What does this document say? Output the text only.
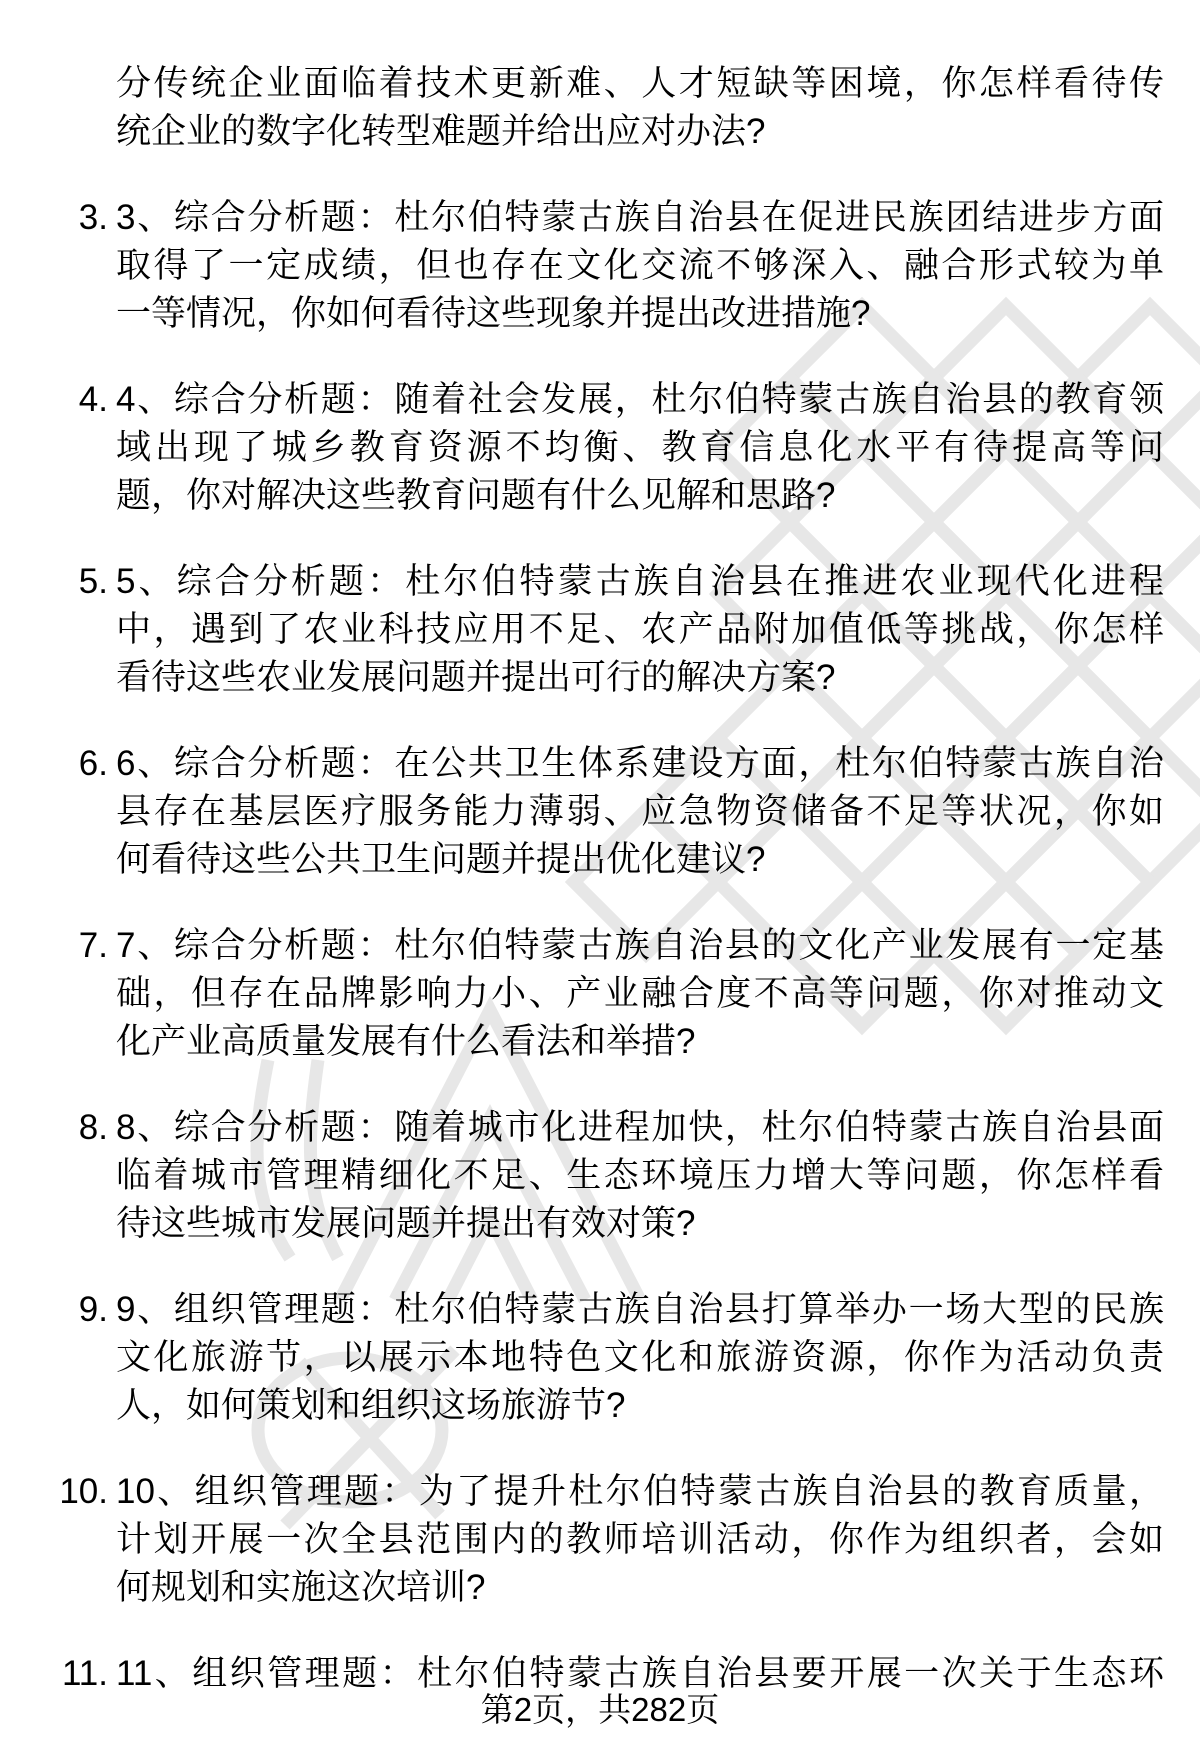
分传统企业面临着技术更新难、人才短缺等困境，你怎样看待传
统企业的数字化转型难题并给出应对办法?
3. 3、综合分析题：杜尔伯特蒙古族自治县在促进民族团结进步方面
取得了一定成绩，但也存在文化交流不够深入、融合形式较为单
一等情况，你如何看待这些现象并提出改进措施?
4. 4、综合分析题：随着社会发展，杜尔伯特蒙古族自治县的教育领
域出现了城乡教育资源不均衡、教育信息化水平有待提高等问
题，你对解决这些教育问题有什么见解和思路?
5. 5、综合分析题：杜尔伯特蒙古族自治县在推进农业现代化进程
中，遇到了农业科技应用不足、农产品附加值低等挑战，你怎样
看待这些农业发展问题并提出可行的解决方案?
6. 6、综合分析题：在公共卫生体系建设方面，杜尔伯特蒙古族自治
县存在基层医疗服务能力薄弱、应急物资储备不足等状况，你如
何看待这些公共卫生问题并提出优化建议?
7. 7、综合分析题：杜尔伯特蒙古族自治县的文化产业发展有一定基
础，但存在品牌影响力小、产业融合度不高等问题，你对推动文
化产业高质量发展有什么看法和举措?
8. 8、综合分析题：随着城市化进程加快，杜尔伯特蒙古族自治县面
临着城市管理精细化不足、生态环境压力增大等问题，你怎样看
待这些城市发展问题并提出有效对策?
9. 9、组织管理题：杜尔伯特蒙古族自治县打算举办一场大型的民族
文化旅游节，以展示本地特色文化和旅游资源，你作为活动负责
人，如何策划和组织这场旅游节?
10. 10、组织管理题：为了提升杜尔伯特蒙古族自治县的教育质量，
计划开展一次全县范围内的教师培训活动，你作为组织者，会如
何规划和实施这次培训?
11. 11、组织管理题：杜尔伯特蒙古族自治县要开展一次关于生态环
第2页，共282页
